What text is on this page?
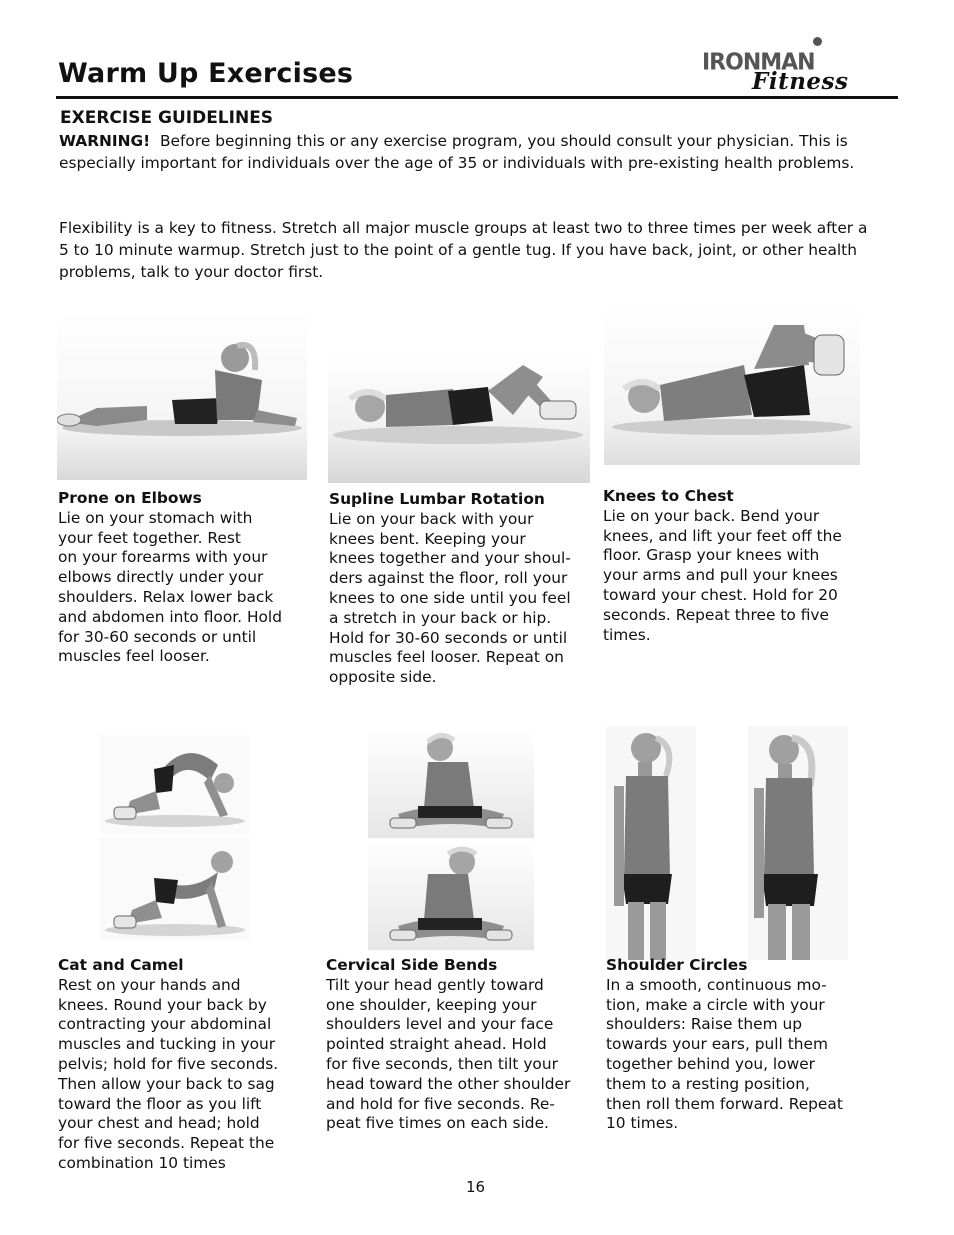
Warm Up Exercises	IRONMAN
Fitness
EXERCISE GUIDELINES
WARNING! Before beginning this or any exercise program, you should consult your physician. This is especially important for individuals over the age of 35 or individuals with pre-existing health problems.
Flexibility is a key to fitness. Stretch all major muscle groups at least two to three times per week after a 5 to 10 minute warmup. Stretch just to the point of a gentle tug. If you have back, joint, or other health problems, talk to your doctor first.
Prone on Elbows
Lie on your stomach with
your feet together. Rest
on your forearms with your
elbows directly under your
shoulders. Relax lower back
and abdomen into floor. Hold
for 30-60 seconds or until
muscles feel looser.
Supline Lumbar Rotation
Lie on your back with your
knees bent. Keeping your
knees together and your shoul-
ders against the floor, roll your
knees to one side until you feel
a stretch in your back or hip.
Hold for 30-60 seconds or until
muscles feel looser. Repeat on
opposite side.
Knees to Chest
Lie on your back. Bend your
knees, and lift your feet off the
floor. Grasp your knees with
your arms and pull your knees
toward your chest. Hold for 20
seconds. Repeat three to five
times.
Cat and Camel
Rest on your hands and
knees. Round your back by
contracting your abdominal
muscles and tucking in your
pelvis; hold for five seconds.
Then allow your back to sag
toward the floor as you lift
your chest and head; hold
for five seconds. Repeat the
combination 10 times
Cervical Side Bends
Tilt your head gently toward
one shoulder, keeping your
shoulders level and your face
pointed straight ahead. Hold
for five seconds, then tilt your
head toward the other shoulder
and hold for five seconds. Re-
peat five times on each side.
Shoulder Circles
In a smooth, continuous mo-
tion, make a circle with your
shoulders: Raise them up
towards your ears, pull them
together behind you, lower
them to a resting position,
then roll them forward. Repeat
10 times.
16
